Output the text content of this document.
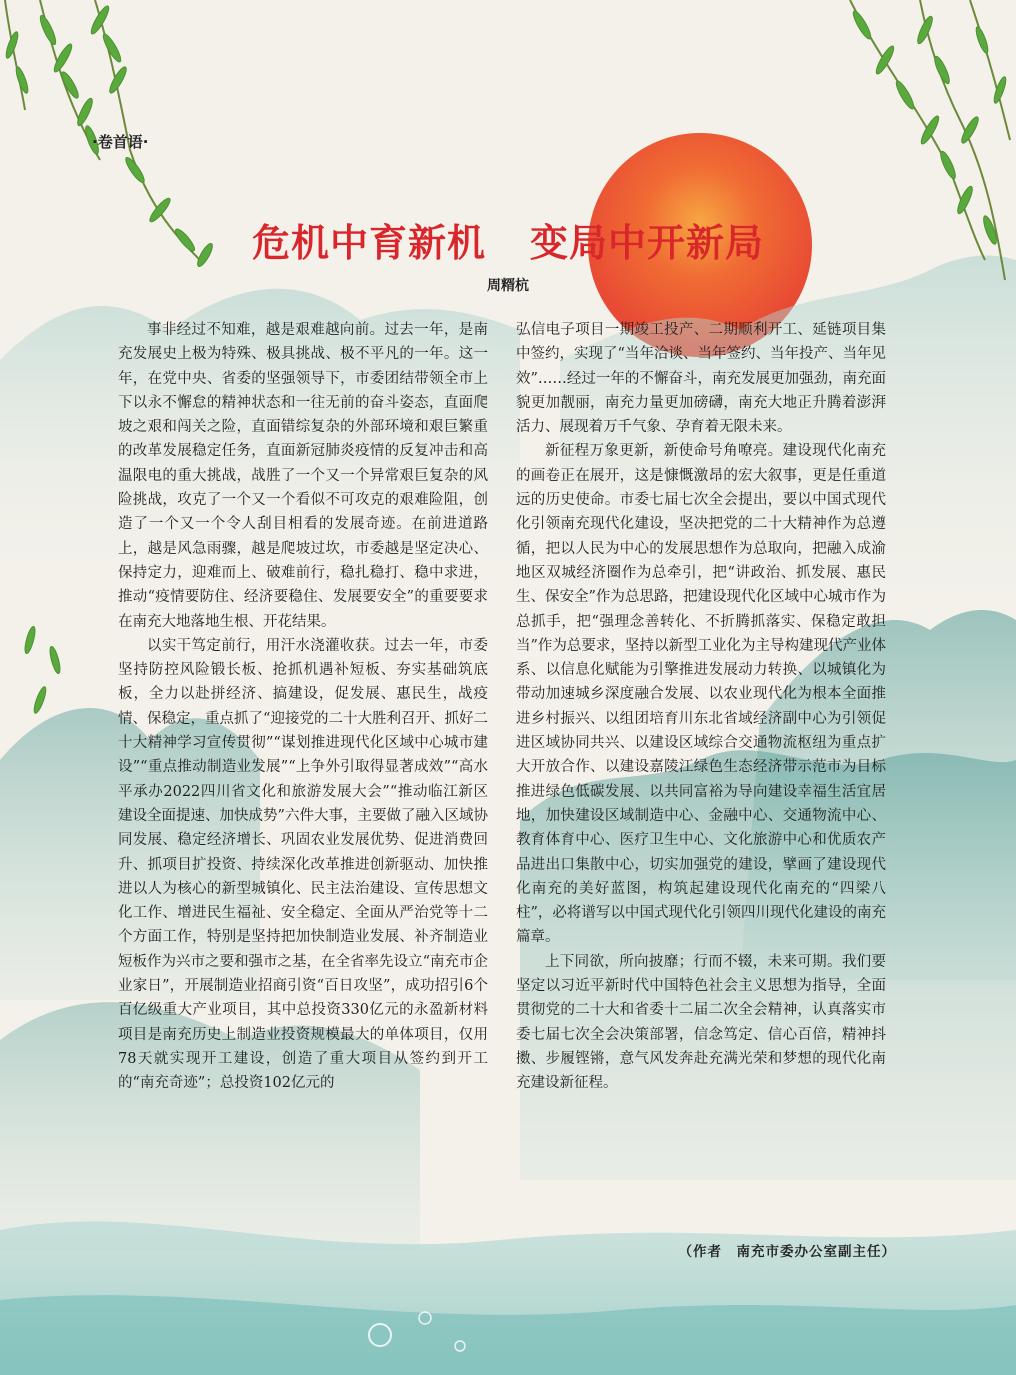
·卷首语·
危机中育新机 变局中开新局
周糈杭

事非经过不知难，越是艰难越向前。过去一年，是南充发展史上极为特殊、极具挑战、极不平凡的一年。这一年，在党中央、省委的坚强领导下，市委团结带领全市上下以永不懈怠的精神状态和一往无前的奋斗姿态，直面爬坡之艰和闯关之险，直面错综复杂的外部环境和艰巨繁重的改革发展稳定任务，直面新冠肺炎疫情的反复冲击和高温限电的重大挑战，战胜了一个又一个异常艰巨复杂的风险挑战，攻克了一个又一个看似不可攻克的艰难险阻，创造了一个又一个令人刮目相看的发展奇迹。在前进道路上，越是风急雨骤，越是爬坡过坎，市委越是坚定决心、保持定力，迎难而上、破难前行，稳扎稳打、稳中求进，推动“疫情要防住、经济要稳住、发展要安全”的重要要求在南充大地落地生根、开花结果。

以实干笃定前行，用汗水浇灌收获。过去一年，市委坚持防控风险锻长板、抢抓机遇补短板、夯实基础筑底板，全力以赴拼经济、搞建设，促发展、惠民生，战疫情、保稳定，重点抓了“迎接党的二十大胜利召开、抓好二十大精神学习宣传贯彻”“谋划推进现代化区域中心城市建设”“重点推动制造业发展”“上争外引取得显著成效”“高水平承办2022四川省文化和旅游发展大会”“推动临江新区建设全面提速、加快成势”六件大事，主要做了融入区域协同发展、稳定经济增长、巩固农业发展优势、促进消费回升、抓项目扩投资、持续深化改革推进创新驱动、加快推进以人为核心的新型城镇化、民主法治建设、宣传思想文化工作、增进民生福祉、安全稳定、全面从严治党等十二个方面工作，特别是坚持把加快制造业发展、补齐制造业短板作为兴市之要和强市之基，在全省率先设立“南充市企业家日”，开展制造业招商引资“百日攻坚”，成功招引6个百亿级重大产业项目，其中总投资330亿元的永盈新材料项目是南充历史上制造业投资规模最大的单体项目，仅用78天就实现开工建设，创造了重大项目从签约到开工的“南充奇迹”；总投资102亿元的

弘信电子项目一期竣工投产、二期顺利开工、延链项目集中签约，实现了“当年洽谈、当年签约、当年投产、当年见效”……经过一年的不懈奋斗，南充发展更加强劲，南充面貌更加靓丽，南充力量更加磅礴，南充大地正升腾着澎湃活力、展现着万千气象、孕育着无限未来。

新征程万象更新，新使命号角嘹亮。建设现代化南充的画卷正在展开，这是慷慨激昂的宏大叙事，更是任重道远的历史使命。市委七届七次全会提出，要以中国式现代化引领南充现代化建设，坚决把党的二十大精神作为总遵循，把以人民为中心的发展思想作为总取向，把融入成渝地区双城经济圈作为总牵引，把“讲政治、抓发展、惠民生、保安全”作为总思路，把建设现代化区域中心城市作为总抓手，把“强理念善转化、不折腾抓落实、保稳定敢担当”作为总要求，坚持以新型工业化为主导构建现代产业体系、以信息化赋能为引擎推进发展动力转换、以城镇化为带动加速城乡深度融合发展、以农业现代化为根本全面推进乡村振兴、以组团培育川东北省域经济副中心为引领促进区域协同共兴、以建设区域综合交通物流枢纽为重点扩大开放合作、以建设嘉陵江绿色生态经济带示范市为目标推进绿色低碳发展、以共同富裕为导向建设幸福生活宜居地，加快建设区域制造中心、金融中心、交通物流中心、教育体育中心、医疗卫生中心、文化旅游中心和优质农产品进出口集散中心，切实加强党的建设，擘画了建设现代化南充的美好蓝图，构筑起建设现代化南充的“四梁八柱”，必将谱写以中国式现代化引领四川现代化建设的南充篇章。

上下同欲，所向披靡；行而不辍，未来可期。我们要坚定以习近平新时代中国特色社会主义思想为指导，全面贯彻党的二十大和省委十二届二次全会精神，认真落实市委七届七次全会决策部署，信念笃定、信心百倍，精神抖擞、步履铿锵，意气风发奔赴充满光荣和梦想的现代化南充建设新征程。

（作者　南充市委办公室副主任）
